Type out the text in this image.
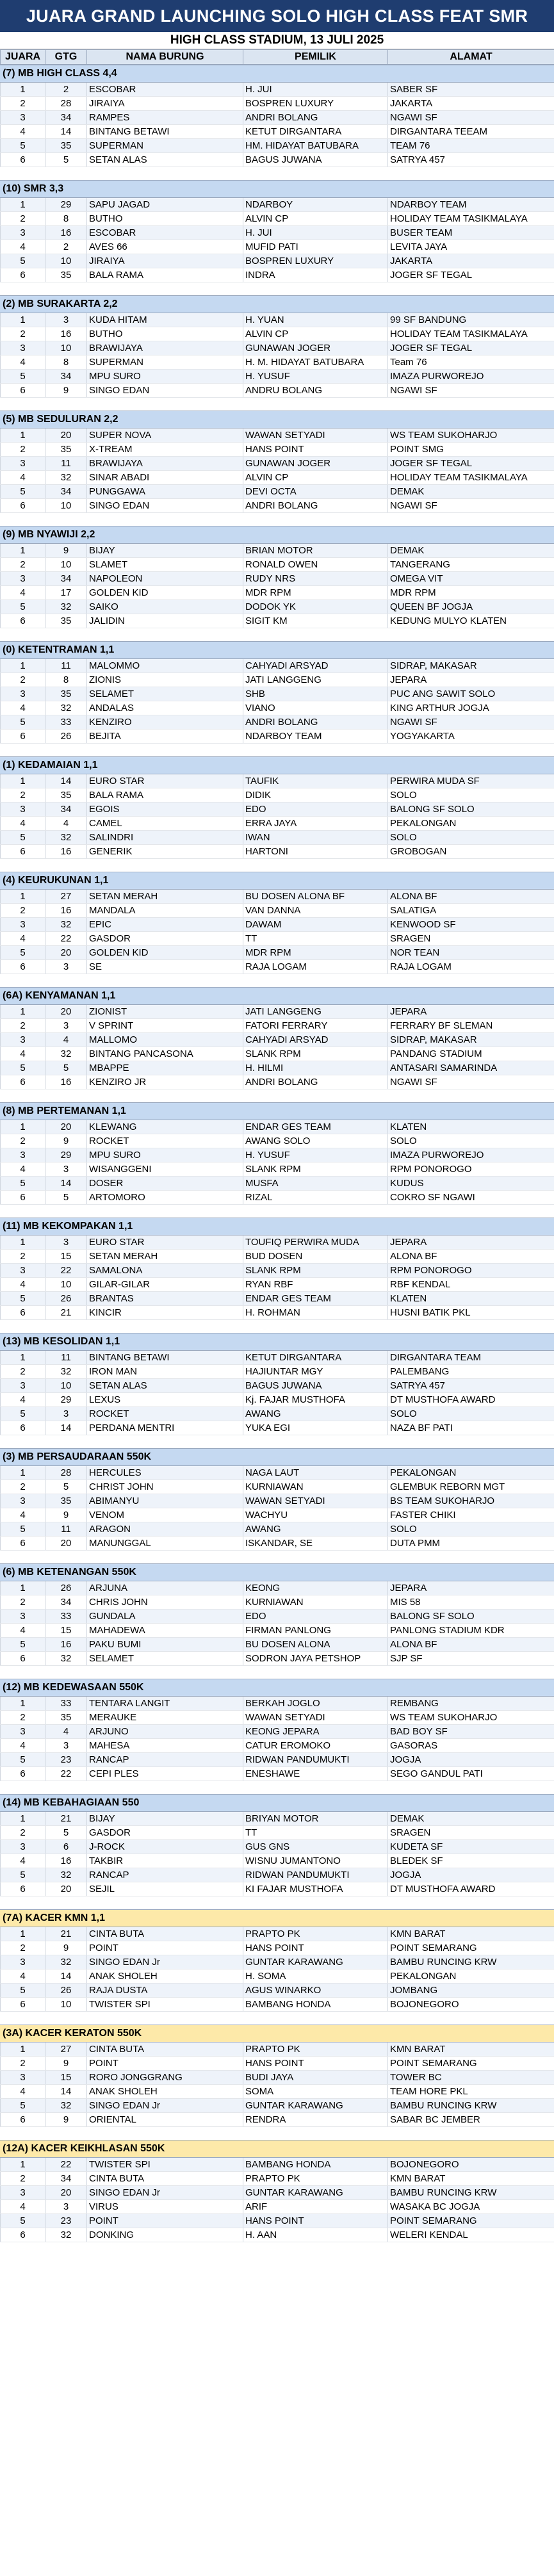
JUARA GRAND LAUNCHING SOLO HIGH CLASS FEAT SMR
HIGH CLASS STADIUM, 13 JULI 2025
JUARA	GTG	NAMA BURUNG	PEMILIK	ALAMAT
(7) MB HIGH CLASS 4,4
1	2	ESCOBAR	H. JUI	SABER SF
2	28	JIRAIYA	BOSPREN LUXURY	JAKARTA
3	34	RAMPES	ANDRI BOLANG	NGAWI SF
4	14	BINTANG BETAWI	KETUT DIRGANTARA	DIRGANTARA TEEAM
5	35	SUPERMAN	HM. HIDAYAT BATUBARA	TEAM 76
6	5	SETAN ALAS	BAGUS JUWANA	SATRYA 457
(10) SMR 3,3
1	29	SAPU JAGAD	NDARBOY	NDARBOY TEAM
2	8	BUTHO	ALVIN CP	HOLIDAY TEAM TASIKMALAYA
3	16	ESCOBAR	H. JUI	BUSER TEAM
4	2	AVES 66	MUFID PATI	LEVITA JAYA
5	10	JIRAIYA	BOSPREN LUXURY	JAKARTA
6	35	BALA RAMA	INDRA	JOGER SF TEGAL
(2) MB SURAKARTA 2,2
1	3	KUDA HITAM	H. YUAN	99 SF BANDUNG
2	16	BUTHO	ALVIN CP	HOLIDAY TEAM TASIKMALAYA
3	10	BRAWIJAYA	GUNAWAN JOGER	JOGER SF TEGAL
4	8	SUPERMAN	H. M. HIDAYAT BATUBARA	Team 76
5	34	MPU SURO	H. YUSUF	IMAZA PURWOREJO
6	9	SINGO EDAN	ANDRU BOLANG	NGAWI SF
(5) MB SEDULURAN 2,2
1	20	SUPER NOVA	WAWAN SETYADI	WS TEAM SUKOHARJO
2	35	X-TREAM	HANS POINT	POINT SMG
3	11	BRAWIJAYA	GUNAWAN JOGER	JOGER SF TEGAL
4	32	SINAR ABADI	ALVIN CP	HOLIDAY TEAM TASIKMALAYA
5	34	PUNGGAWA	DEVI OCTA	DEMAK
6	10	SINGO EDAN	ANDRI BOLANG	NGAWI SF
(9) MB NYAWIJI 2,2
1	9	BIJAY	BRIAN MOTOR	DEMAK
2	10	SLAMET	RONALD OWEN	TANGERANG
3	34	NAPOLEON	RUDY NRS	OMEGA VIT
4	17	GOLDEN KID	MDR RPM	MDR RPM
5	32	SAIKO	DODOK YK	QUEEN BF JOGJA
6	35	JALIDIN	SIGIT KM	KEDUNG MULYO KLATEN
(0) KETENTRAMAN 1,1
1	11	MALOMMO	CAHYADI ARSYAD	SIDRAP, MAKASAR
2	8	ZIONIS	JATI LANGGENG	JEPARA
3	35	SELAMET	SHB	PUC ANG SAWIT SOLO
4	32	ANDALAS	VIANO	KING ARTHUR JOGJA
5	33	KENZIRO	ANDRI BOLANG	NGAWI SF
6	26	BEJITA	NDARBOY TEAM	YOGYAKARTA
(1) KEDAMAIAN 1,1
1	14	EURO STAR	TAUFIK	PERWIRA MUDA SF
2	35	BALA RAMA	DIDIK	SOLO
3	34	EGOIS	EDO	BALONG SF SOLO
4	4	CAMEL	ERRA JAYA	PEKALONGAN
5	32	SALINDRI	IWAN	SOLO
6	16	GENERIK	HARTONI	GROBOGAN
(4) KEURUKUNAN 1,1
1	27	SETAN MERAH	BU DOSEN ALONA BF	ALONA BF
2	16	MANDALA	VAN DANNA	SALATIGA
3	32	EPIC	DAWAM	KENWOOD SF
4	22	GASDOR	TT	SRAGEN
5	20	GOLDEN KID	MDR RPM	NOR TEAN
6	3	SE	RAJA LOGAM	RAJA LOGAM
(6A) KENYAMANAN 1,1
1	20	ZIONIST	JATI LANGGENG	JEPARA
2	3	V SPRINT	FATORI FERRARY	FERRARY BF SLEMAN
3	4	MALLOMO	CAHYADI ARSYAD	SIDRAP, MAKASAR
4	32	BINTANG PANCASONA	SLANK RPM	PANDANG STADIUM
5	5	MBAPPE	H. HILMI	ANTASARI SAMARINDA
6	16	KENZIRO JR	ANDRI BOLANG	NGAWI SF
(8) MB PERTEMANAN 1,1
1	20	KLEWANG	ENDAR GES TEAM	KLATEN
2	9	ROCKET	AWANG SOLO	SOLO
3	29	MPU SURO	H. YUSUF	IMAZA PURWOREJO
4	3	WISANGGENI	SLANK RPM	RPM PONOROGO
5	14	DOSER	MUSFA	KUDUS
6	5	ARTOMORO	RIZAL	COKRO SF NGAWI
(11) MB KEKOMPAKAN 1,1
1	3	EURO STAR	TOUFIQ PERWIRA MUDA	JEPARA
2	15	SETAN MERAH	BUD DOSEN	ALONA BF
3	22	SAMALONA	SLANK RPM	RPM PONOROGO
4	10	GILAR-GILAR	RYAN RBF	RBF KENDAL
5	26	BRANTAS	ENDAR GES TEAM	KLATEN
6	21	KINCIR	H. ROHMAN	HUSNI BATIK PKL
(13) MB KESOLIDAN 1,1
1	11	BINTANG BETAWI	KETUT DIRGANTARA	DIRGANTARA TEAM
2	32	IRON MAN	HAJIUNTAR MGY	PALEMBANG
3	10	SETAN ALAS	BAGUS JUWANA	SATRYA 457
4	29	LEXUS	Kj. FAJAR MUSTHOFA	DT MUSTHOFA AWARD
5	3	ROCKET	AWANG	SOLO
6	14	PERDANA MENTRI	YUKA EGI	NAZA BF PATI
(3) MB PERSAUDARAAN 550K
1	28	HERCULES	NAGA LAUT	PEKALONGAN
2	5	CHRIST JOHN	KURNIAWAN	GLEMBUK REBORN MGT
3	35	ABIMANYU	WAWAN SETYADI	BS TEAM SUKOHARJO
4	9	VENOM	WACHYU	FASTER CHIKI
5	11	ARAGON	AWANG	SOLO
6	20	MANUNGGAL	ISKANDAR, SE	DUTA PMM
(6) MB KETENANGAN 550K
1	26	ARJUNA	KEONG	JEPARA
2	34	CHRIS JOHN	KURNIAWAN	MIS 58
3	33	GUNDALA	EDO	BALONG SF SOLO
4	15	MAHADEWA	FIRMAN PANLONG	PANLONG STADIUM KDR
5	16	PAKU BUMI	BU DOSEN ALONA	ALONA BF
6	32	SELAMET	SODRON JAYA PETSHOP	SJP SF
(12) MB KEDEWASAAN 550K
1	33	TENTARA LANGIT	BERKAH JOGLO	REMBANG
2	35	MERAUKE	WAWAN SETYADI	WS TEAM SUKOHARJO
3	4	ARJUNO	KEONG JEPARA	BAD BOY SF
4	3	MAHESA	CATUR EROMOKO	GASORAS
5	23	RANCAP	RIDWAN PANDUMUKTI	JOGJA
6	22	CEPI PLES	ENESHAWE	SEGO GANDUL PATI
(14) MB KEBAHAGIAAN 550
1	21	BIJAY	BRIYAN MOTOR	DEMAK
2	5	GASDOR	TT	SRAGEN
3	6	J-ROCK	GUS GNS	KUDETA SF
4	16	TAKBIR	WISNU JUMANTONO	BLEDEK SF
5	32	RANCAP	RIDWAN PANDUMUKTI	JOGJA
6	20	SEJIL	KI FAJAR MUSTHOFA	DT MUSTHOFA AWARD
(7A) KACER KMN 1,1
1	21	CINTA BUTA	PRAPTO PK	KMN BARAT
2	9	POINT	HANS POINT	POINT SEMARANG
3	32	SINGO EDAN Jr	GUNTAR KARAWANG	BAMBU RUNCING KRW
4	14	ANAK SHOLEH	H. SOMA	PEKALONGAN
5	26	RAJA DUSTA	AGUS WINARKO	JOMBANG
6	10	TWISTER SPI	BAMBANG HONDA	BOJONEGORO
(3A) KACER KERATON 550K
1	27	CINTA BUTA	PRAPTO PK	KMN BARAT
2	9	POINT	HANS POINT	POINT SEMARANG
3	15	RORO JONGGRANG	BUDI JAYA	TOWER BC
4	14	ANAK SHOLEH	SOMA	TEAM HORE PKL
5	32	SINGO EDAN Jr	GUNTAR KARAWANG	BAMBU RUNCING KRW
6	9	ORIENTAL	RENDRA	SABAR BC JEMBER
(12A) KACER KEIKHLASAN 550K
1	22	TWISTER SPI	BAMBANG HONDA	BOJONEGORO
2	34	CINTA BUTA	PRAPTO PK	KMN BARAT
3	20	SINGO EDAN Jr	GUNTAR KARAWANG	BAMBU RUNCING KRW
4	3	VIRUS	ARIF	WASAKA BC JOGJA
5	23	POINT	HANS POINT	POINT SEMARANG
6	32	DONKING	H. AAN	WELERI KENDAL
